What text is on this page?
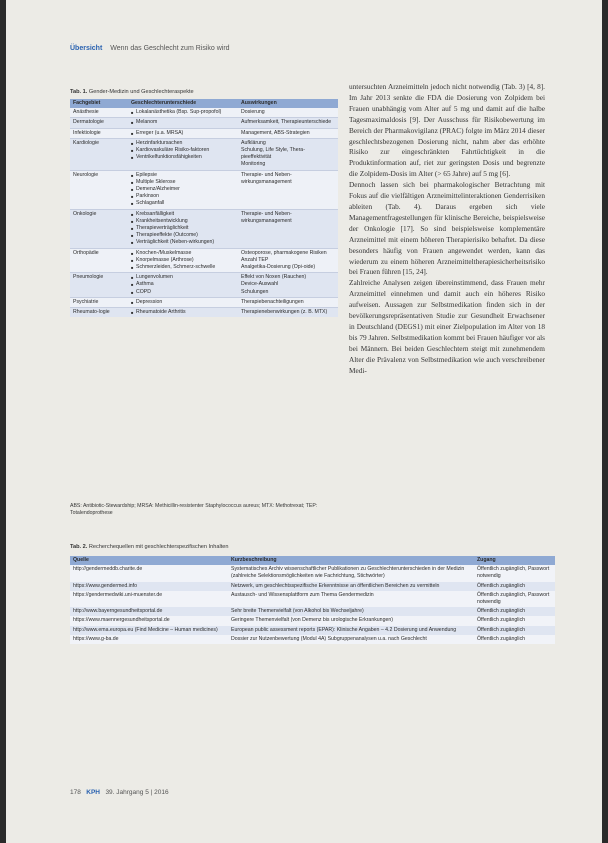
Übersicht Wenn das Geschlecht zum Risiko wird
Tab. 1. Gender-Medizin und Geschlechteraspekte
Fachgebiet	Geschlechterunterschiede	Auswirkungen
Anästhesie	■ Lokalanästhetika (Bsp. Sup-propofol)	Dosierung

Dermatologie	■ Melanom	Aufmerksamkeit, Therapieunterschiede

Infektiologie	■ Erreger (u.a. MRSA)	Management, ABS-Strategien

Kardiologie	■ Herzinfarktursachen
■ Kardiovaskuläre Risiko-faktoren
■ Ventrikelfunktionsfähigkeiten	Aufklärung
Schulung, Life Style, Thera-pieeffektivität
Monitoring

Neurologie	■ Epilepsie
■ Multiple Sklerose
■ Demenz/Alzheimer
■ Parkinson
■ Schlaganfall	Therapie- und Neben-wirkungsmanagement

Onkologie	■ Krebsanfälligkeit
■ Krankheitsentwicklung
■ Therapieverträglichkeit
■ Therapieeffekte (Outcome)
■ Verträglichkeit (Neben-wirkungen)	Therapie- und Neben-wirkungsmanagement

Orthopädie	■ Knochen-/Muskelmasse
■ Knorpelmasse (Arthrose)
■ Schmerzleiden, Schmerz-schwelle	Osteoporose, pharmakogene Risiken
Anzahl TEP
Analgetika-Dosierung (Opi-oide)

Pneumologie	■ Lungenvolumen
■ Asthma
■ COPD	Effekt von Noxen (Rauchen)
Device-Auswahl
Schulungen

Psychiatrie	■ Depression	Therapiebenachteiligungen

Rheumato-logie	■ Rheumatoide Arthritis	Therapienebenwirkungen (z. B. MTX)
ABS: Antibiotic-Stewardship; MRSA: Methicillin-resistenter Staphylococcus aureus; MTX: Methotrexat; TEP: Totalendoprothese

untersuchten Arzneimitteln jedoch nicht notwendig (Tab. 3) [4, 8]. Im Jahr 2013 senkte die FDA die Dosierung von Zolpidem bei Frauen unabhängig vom Alter auf 5 mg und damit auf die halbe Tagesmaximaldosis [9]. Der Ausschuss für Risikobewertung im Bereich der Pharmakovigilanz (PRAC) folgte im März 2014 dieser geschlechtsbezogenen Dosierung nicht, nahm aber das erhöhte Risiko zur eingeschränkten Fahrtüchtigkeit in die Produktinformation auf, riet zur geringsten Dosis und begrenzte die Zolpidem-Dosis im Alter (> 65 Jahre) auf 5 mg [6].

Dennoch lassen sich bei pharmakologischer Betrachtung mit Fokus auf die vielfältigen Arzneimittelinteraktionen Genderrisiken ableiten (Tab. 4). Daraus ergeben sich viele Managementfragestellungen für klinische Bereiche, beispielsweise der Onkologie [17]. So sind beispielsweise komplementäre Arzneimittel mit einem höheren Therapierisiko behaftet. Da diese besonders häufig von Frauen angewendet werden, kann das wiederum zu einem höheren Arzneimitteltherapiesicherheitsrisiko bei Frauen führen [15, 24].

Zahlreiche Analysen zeigen übereinstimmend, dass Frauen mehr Arzneimittel einnehmen und damit auch ein höheres Risiko aufweisen. Aussagen zur Selbstmedikation finden sich in der bevölkerungsrepräsentativen Studie zur Gesundheit Erwachsener in Deutschland (DEGS1) mit einer Zielpopulation im Alter von 18 bis 79 Jahren. Selbstmedikation kommt bei Frauen häufiger vor als bei Männern. Bei beiden Geschlechtern steigt mit zunehmendem Alter die Prävalenz von Selbstmedikation wie auch verschreibener Medi-

Tab. 2. Recherchequellen mit geschlechterspezifischen Inhalten
Quelle	Kurzbeschreibung	Zugang
http://gendermeddb.charite.de	Systematisches Archiv wissenschaftlicher Publikationen zu Geschlechterunterschieden in der Medizin (zahlreiche Selektionsmöglichkeiten wie Fachrichtung, Stichwörter)	Öffentlich zugänglich, Passwort notwendig
https://www.gendermed.info	Netzwerk, um geschlechtsspezifische Erkenntnisse an öffentlichen Bereichen zu vermitteln	Öffentlich zugänglich
https://gendermedwiki.uni-muenster.de	Austausch- und Wissensplattform zum Thema Gendermedizin	Öffentlich zugänglich, Passwort notwendig
http://www.bayerngesundheitsportal.de	Sehr breite Themenvielfalt (von Alkohol bis Wechseljahre)	Öffentlich zugänglich
https://www.maennergesundheitsportal.de	Geringere Themenvielfalt (von Demenz bis urologische Erkrankungen)	Öffentlich zugänglich
http://www.ema.europa.eu (Find Medicine – Human medicines)	European public assessment reports (EPAR): Klinische Angaben – 4.2 Dosierung und Anwendung	Öffentlich zugänglich
https://www.g-ba.de	Dossier zur Nutzenbewertung (Modul 4A) Subgruppenanalysen u.a. nach Geschlecht	Öffentlich zugänglich
178 KPH 39. Jahrgang 5 | 2016
